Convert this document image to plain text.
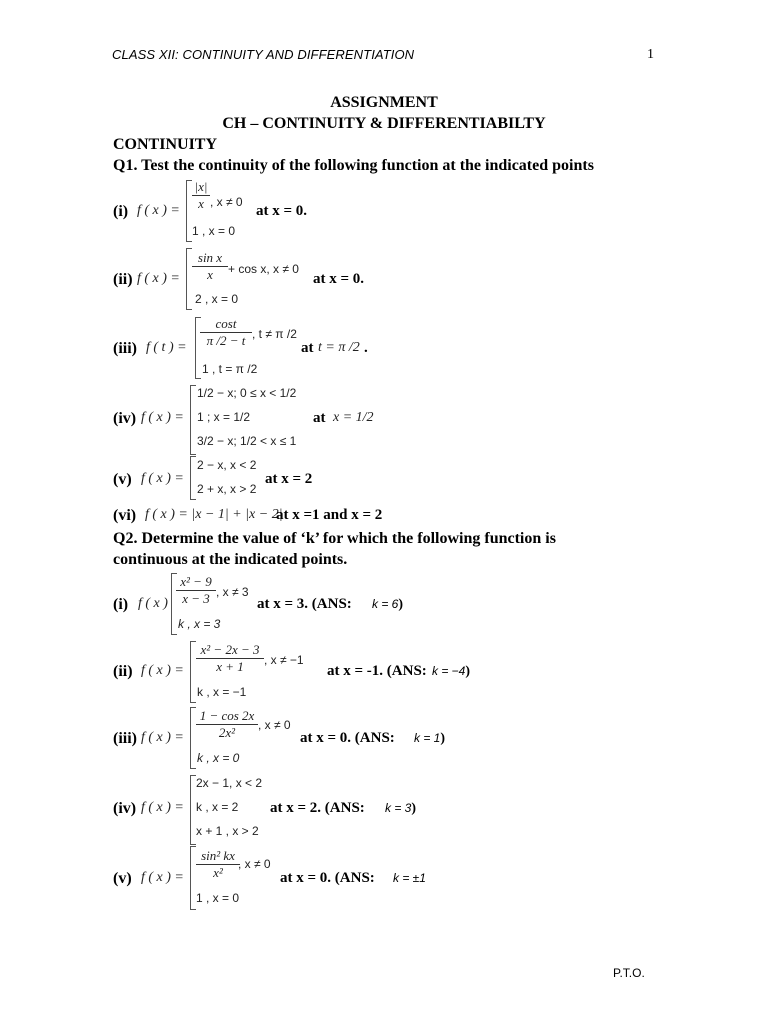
CLASS XII: CONTINUITY AND DIFFERENTIATION	1
ASSIGNMENT
CH – CONTINUITY & DIFFERENTIABILTY
CONTINUITY
Q1. Test the continuity of the following function at the indicated points
(i) f ( x ) = $\frac{|x|}{x}$ , x ≠ 0
1 , x = 0
at x = 0.
(ii) f ( x ) = $\frac{\text{sin x}}{x} + \cos x$, x ≠ 0
2 , x = 0
at x = 0.
(iii) f ( t ) = $\frac{\cos t}{\pi /2 - t}$ , t ≠ π /2
1 , t = π /2
at t = π /2 .
(iv) f ( x ) =
1/2 − x; 0 ≤ x < 1/2
1 ; x = 1/2
3/2 − x; 1/2 < x ≤ 1
at x = 1/2
(v) f ( x ) =
2 − x, x < 2
2 + x, x > 2
at x = 2
(vi) f ( x ) = |x − 1| + |x − 2|
at x =1 and x = 2
Q2. Determine the value of ‘k’ for which the following function is
continuous at the indicated points.
(i) f ( x ) $\frac{\text{x² − 9}}{x - 3}$ , x ≠ 3
k , x = 3
at x = 3. (ANS: k = 6)
(ii) f ( x ) = $\frac{\text{x² − 2x − 3}}{x + 1}$ , x ≠ −1
k , x = −1
at x = -1. (ANS: k = −4)
(iii) f ( x ) = $\frac{1 - \cos 2x}{\text{2x²}}$ , x ≠ 0
k , x = 0
at x = 0. (ANS: k = 1)
(iv) f ( x ) =
2x − 1, x < 2
k , x = 2
x + 1 , x > 2
at x = 2. (ANS: k = 3)
(v) f ( x ) = $\frac{\text{sin² kx}}{\text{x²}}$
, x ≠ 0
1 , x = 0
at x = 0. (ANS: k = ±1
P.T.O.
